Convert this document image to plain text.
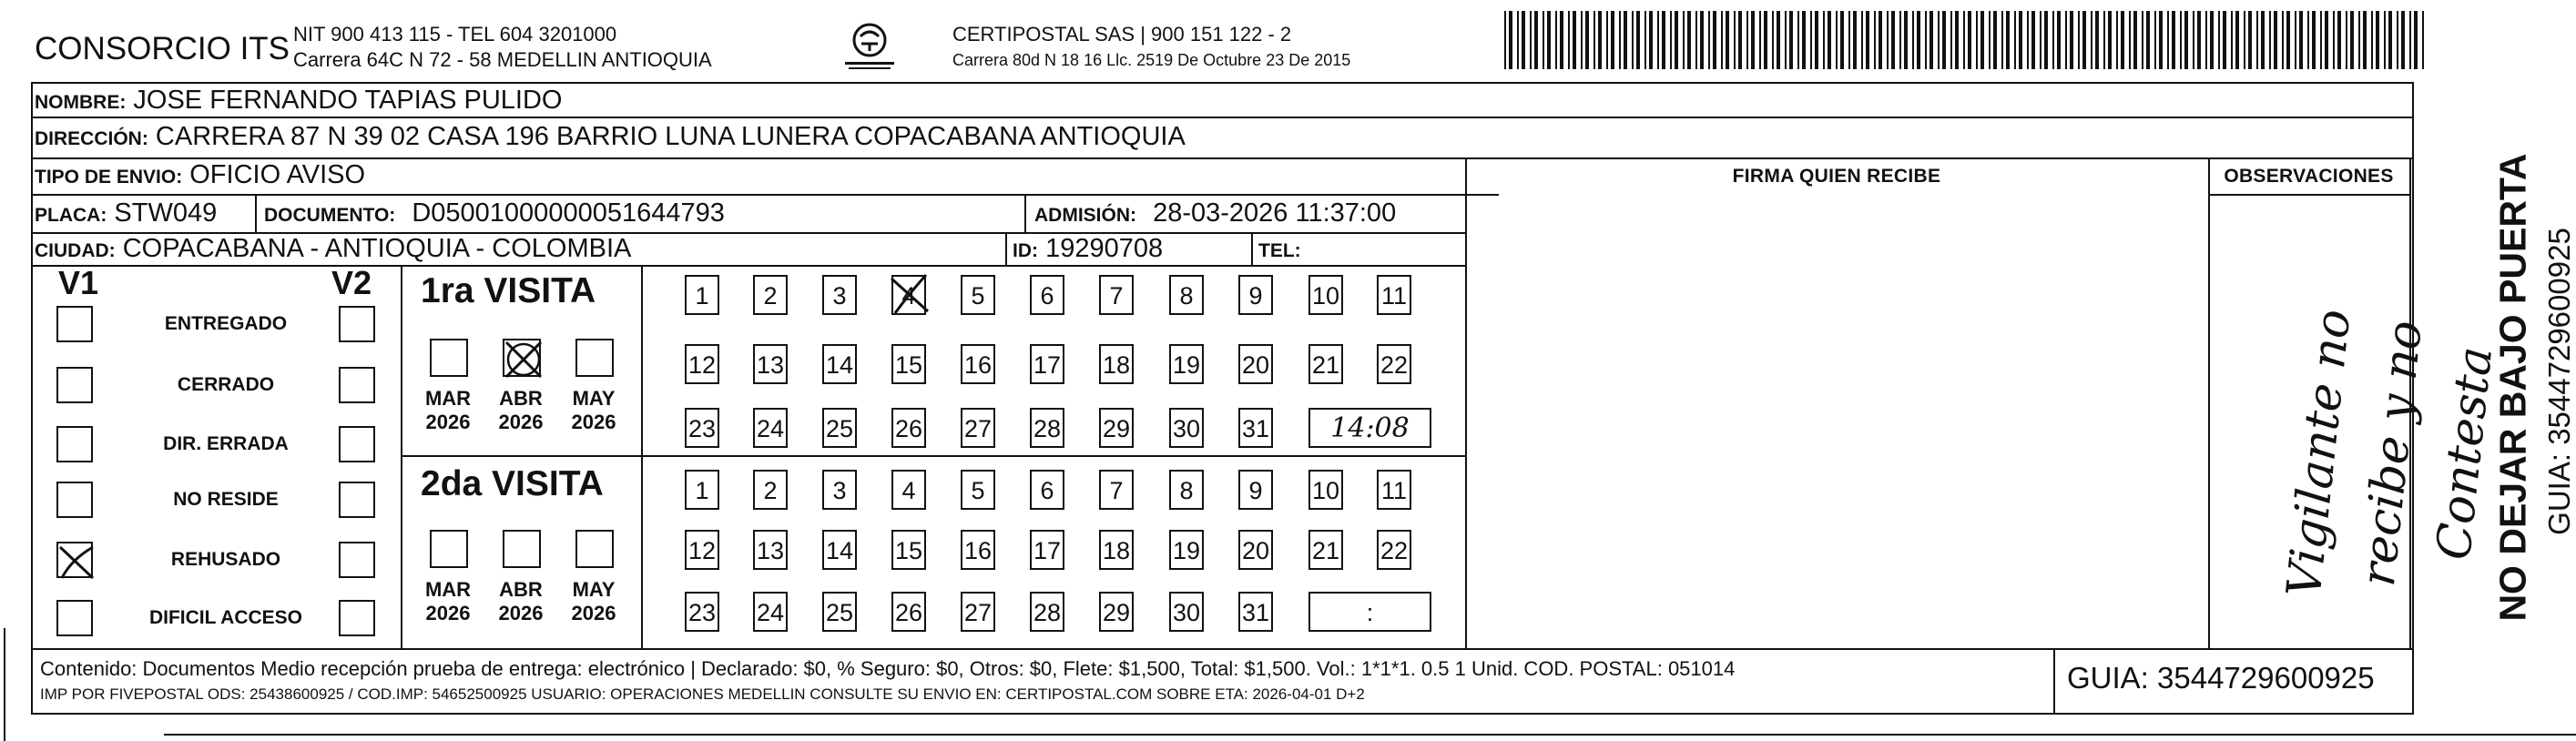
CONSORCIO ITS NIT 900 413 115 - TEL 604 3201000
Carrera 64C N 72 - 58 MEDELLIN ANTIOQUIA
CERTIPOSTAL SAS | 900 151 122 - 2
Carrera 80d N 18 16 Llc. 2519 De Octubre 23 De 2015
NOMBRE: JOSE FERNANDO TAPIAS PULIDO
DIRECCIÓN: CARRERA 87 N 39 02 CASA 196 BARRIO LUNA LUNERA COPACABANA ANTIOQUIA
TIPO DE ENVIO: OFICIO AVISO
PLACA: STW049 DOCUMENTO: D05001000000051644793	ADMISIÓN: 28-03-2026 11:37:00
CIUDAD: COPACABANA - ANTIOQUIA - COLOMBIA	ID: 19290708	TEL:
FIRMA QUIEN RECIBE	OBSERVACIONES
Vigilante no
recibe y no
Contesta
NO DEJAR BAJO PUERTA GUIA: 3544729600925
V1	V2
ENTREGADO
CERRADO
DIR. ERRADA
NO RESIDE
REHUSADO
DIFICIL ACCESO
1ra VISITA
MAR
2026
ABR
2026
MAY
2026
1	2	3	4	5	6	7	8	9	10 11
12 13 14 15 16 17 18 19 20 21 22
23 24 25 26 27 28 29 30 31	14:08
2da VISITA
MAR
2026
ABR
2026
MAY
2026
1	2	3	4	5	6	7	8	9	10 11
12 13 14 15 16 17 18 19 20 21 22
23 24 25 26 27 28 29 30 31	:
Contenido: Documentos Medio recepción prueba de entrega: electrónico | Declarado: $0, % Seguro: $0, Otros: $0, Flete: $1,500, Total: $1,500. Vol.: 1*1*1. 0.5 1 Unid. COD. POSTAL: 051014
IMP POR FIVEPOSTAL ODS: 25438600925 / COD.IMP: 54652500925 USUARIO: OPERACIONES MEDELLIN CONSULTE SU ENVIO EN: CERTIPOSTAL.COM SOBRE ETA: 2026-04-01 D+2	GUIA: 3544729600925
